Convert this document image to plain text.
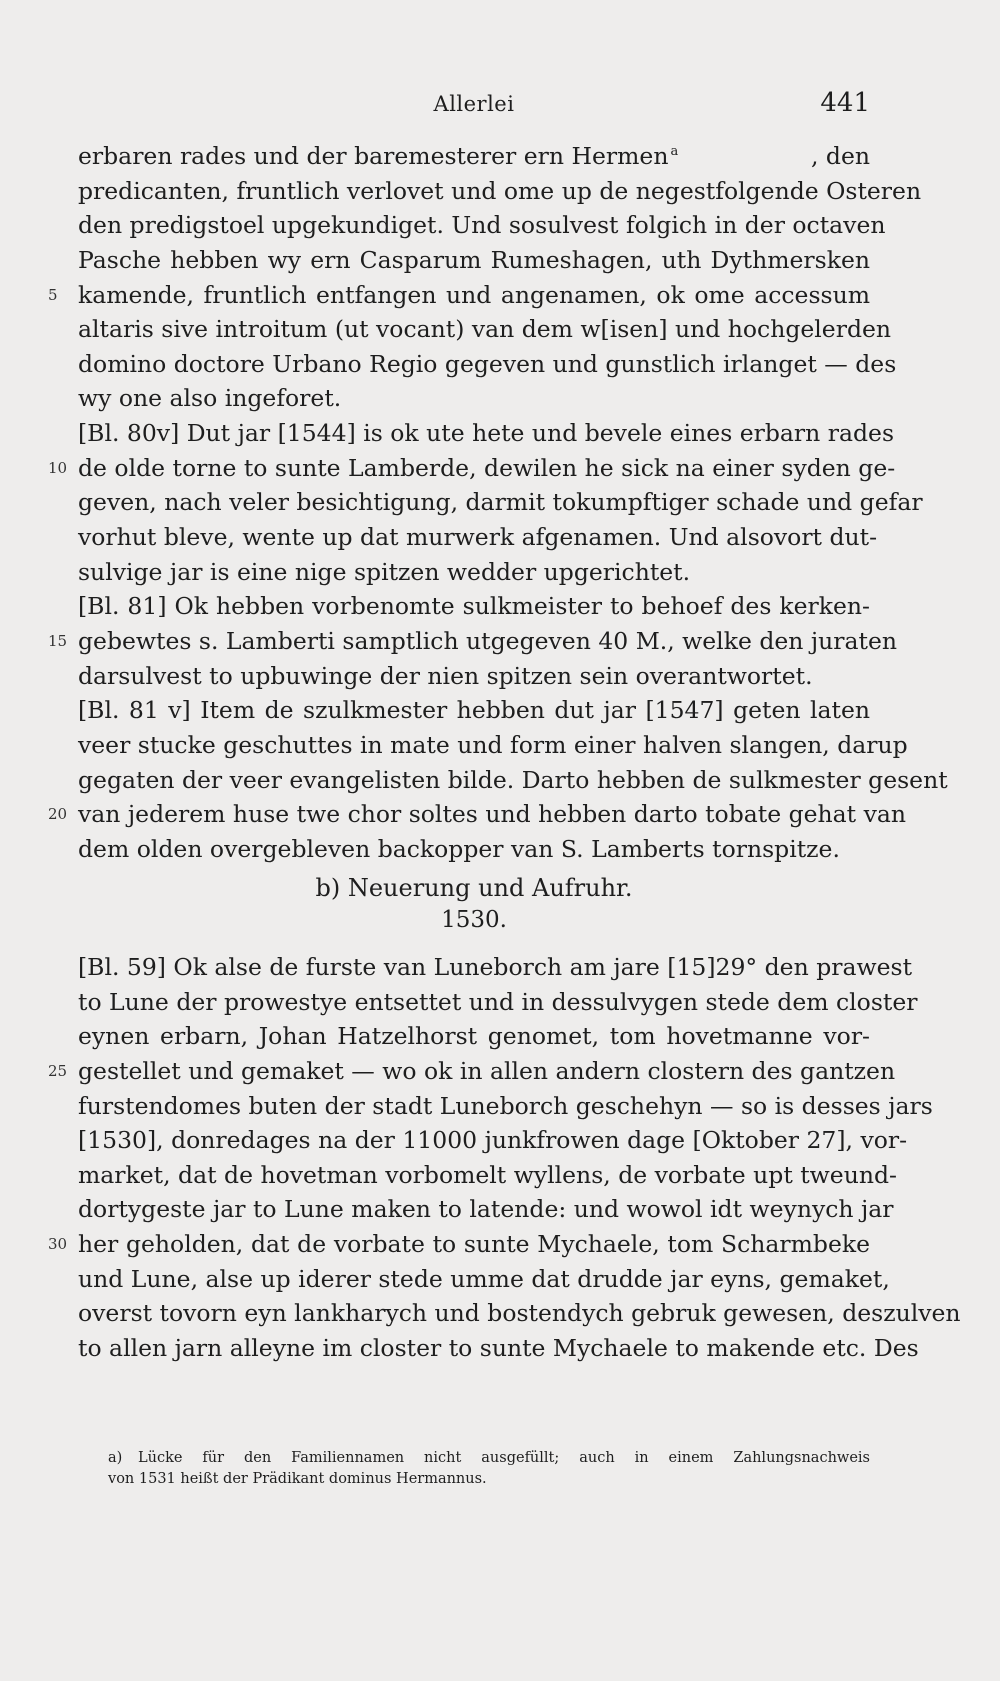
Allerlei	441
erbaren rades und der baremesterer ern Hermen $^a$	, den
predicanten, fruntlich verlovet und ome up de negestfolgende Osteren
den predigstoel upgekundiget. Und sosulvest folgich in der octaven
Pasche hebben wy ern Casparum Rumeshagen, uth Dythmersken
5 kamende, fruntlich entfangen und angenamen, ok ome accessum
altaris sive introitum (ut vocant) van dem w[isen] und hochgelerden
domino doctore Urbano Regio gegeven und gunstlich irlanget — des
wy one also ingeforet.
[Bl. 80v] Dut jar [1544] is ok ute hete und bevele eines erbarn rades
10 de olde torne to sunte Lamberde, dewilen he sick na einer syden ge-
geven, nach veler besichtigung, darmit tokumpftiger schade und gefar
vorhut bleve, wente up dat murwerk afgenamen. Und alsovort dut-
sulvige jar is eine nige spitzen wedder upgerichtet.
[Bl. 81] Ok hebben vorbenomte sulkmeister to behoef des kerken-
15 gebewtes s. Lamberti samptlich utgegeven 40 M., welke den juraten
darsulvest to upbuwinge der nien spitzen sein overantwortet.
[Bl. 81 v] Item de szulkmester hebben dut jar [1547] geten laten
veer stucke geschuttes in mate und form einer halven slangen, darup
gegaten der veer evangelisten bilde. Darto hebben de sulkmester gesent
20 van jederem huse twe chor soltes und hebben darto tobate gehat van
dem olden overgebleven backopper van S. Lamberts tornspitze.
b) Neuerung und Aufruhr.
1530.
[Bl. 59] Ok alse de furste van Luneborch am jare [15]29° den prawest
to Lune der prowestye entsettet und in dessulvygen stede dem closter
eynen erbarn, Johan Hatzelhorst genomet, tom hovetmanne vor-
25 gestellet und gemaket — wo ok in allen andern clostern des gantzen
furstendomes buten der stadt Luneborch geschehyn — so is desses jars
[1530], donredages na der 11000 junkfrowen dage [Oktober 27], vor-
market, dat de hovetman vorbomelt wyllens, de vorbate upt tweund-
dortygeste jar to Lune maken to latende: und wowol idt weynych jar
30 her geholden, dat de vorbate to sunte Mychaele, tom Scharmbeke
und Lune, alse up iderer stede umme dat drudde jar eyns, gemaket,
overst tovorn eyn lankharych und bostendych gebruk gewesen, deszulven
to allen jarn alleyne im closter to sunte Mychaele to makende etc. Des
a) Lücke für den Familiennamen nicht ausgefüllt; auch in einem Zahlungsnachweis
von 1531 heißt der Prädikant dominus Hermannus.
